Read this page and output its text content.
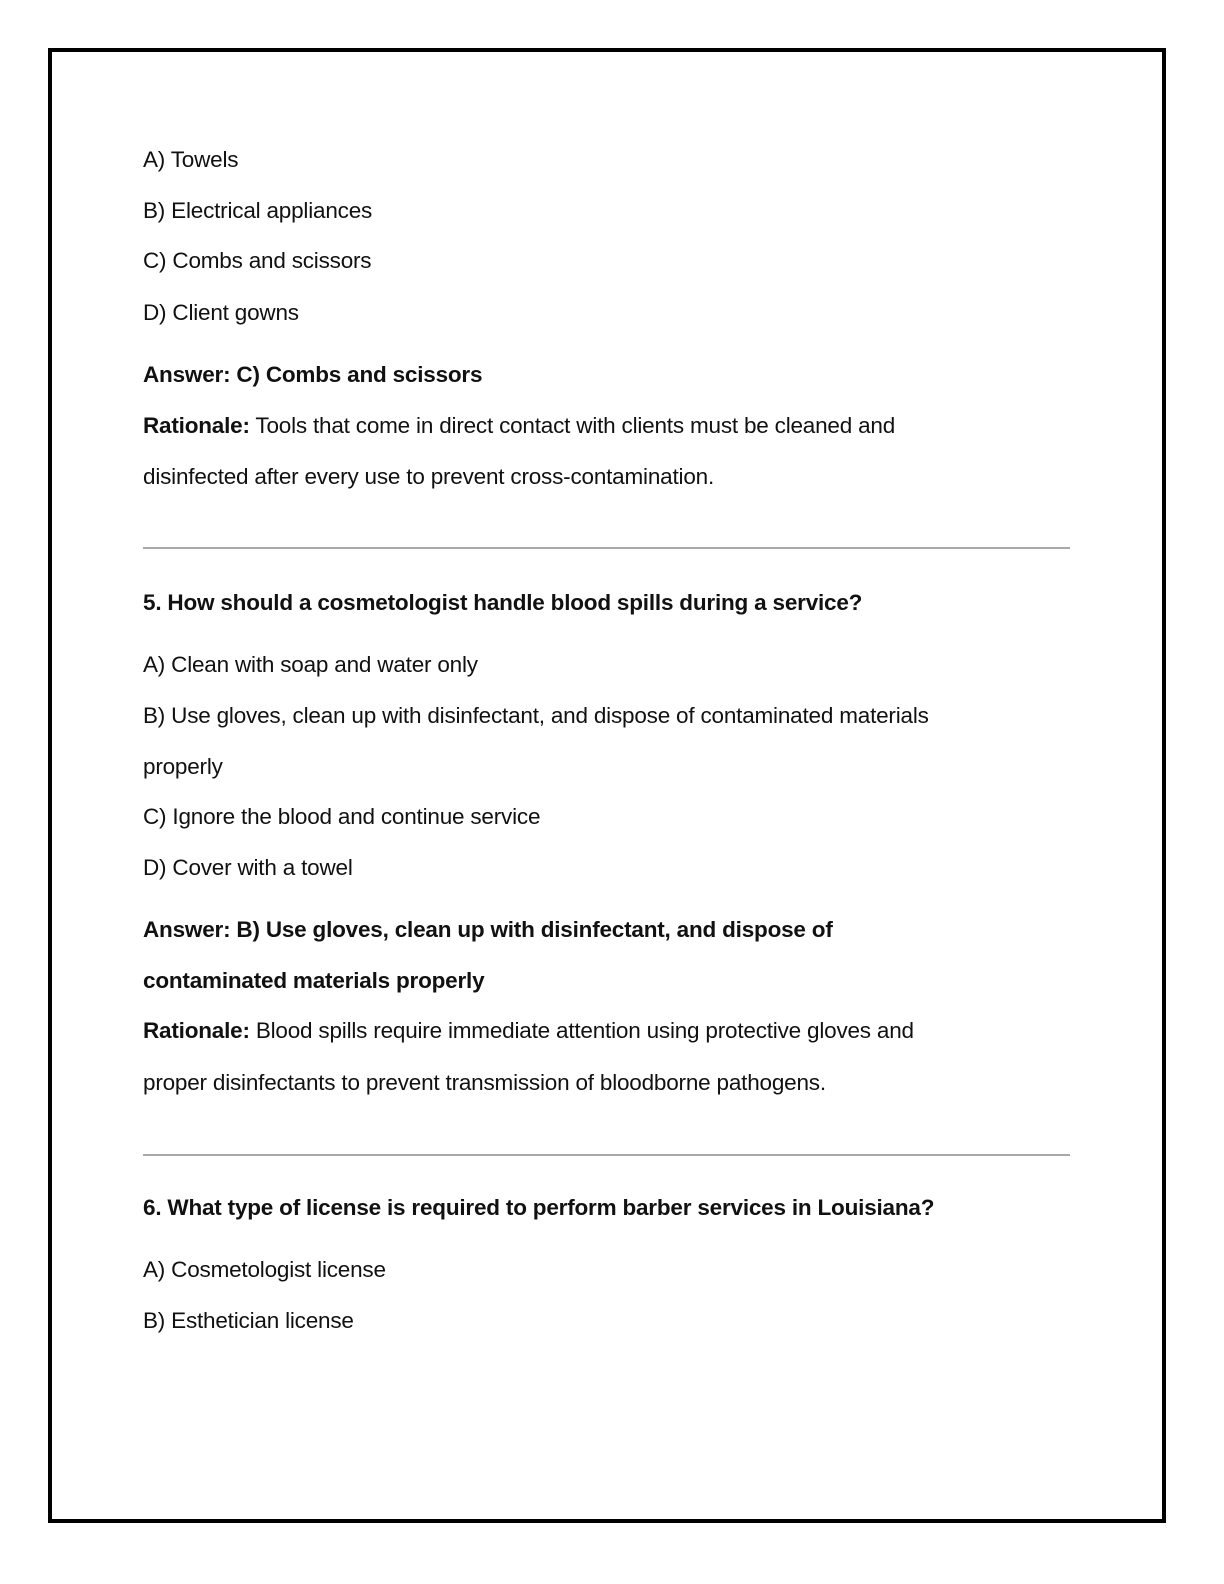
A) Towels
B) Electrical appliances
C) Combs and scissors
D) Client gowns
Answer: C) Combs and scissors
Rationale: Tools that come in direct contact with clients must be cleaned and
disinfected after every use to prevent cross-contamination.
5. How should a cosmetologist handle blood spills during a service?
A) Clean with soap and water only
B) Use gloves, clean up with disinfectant, and dispose of contaminated materials
properly
C) Ignore the blood and continue service
D) Cover with a towel
Answer: B) Use gloves, clean up with disinfectant, and dispose of
contaminated materials properly
Rationale: Blood spills require immediate attention using protective gloves and
proper disinfectants to prevent transmission of bloodborne pathogens.
6. What type of license is required to perform barber services in Louisiana?
A) Cosmetologist license
B) Esthetician license
